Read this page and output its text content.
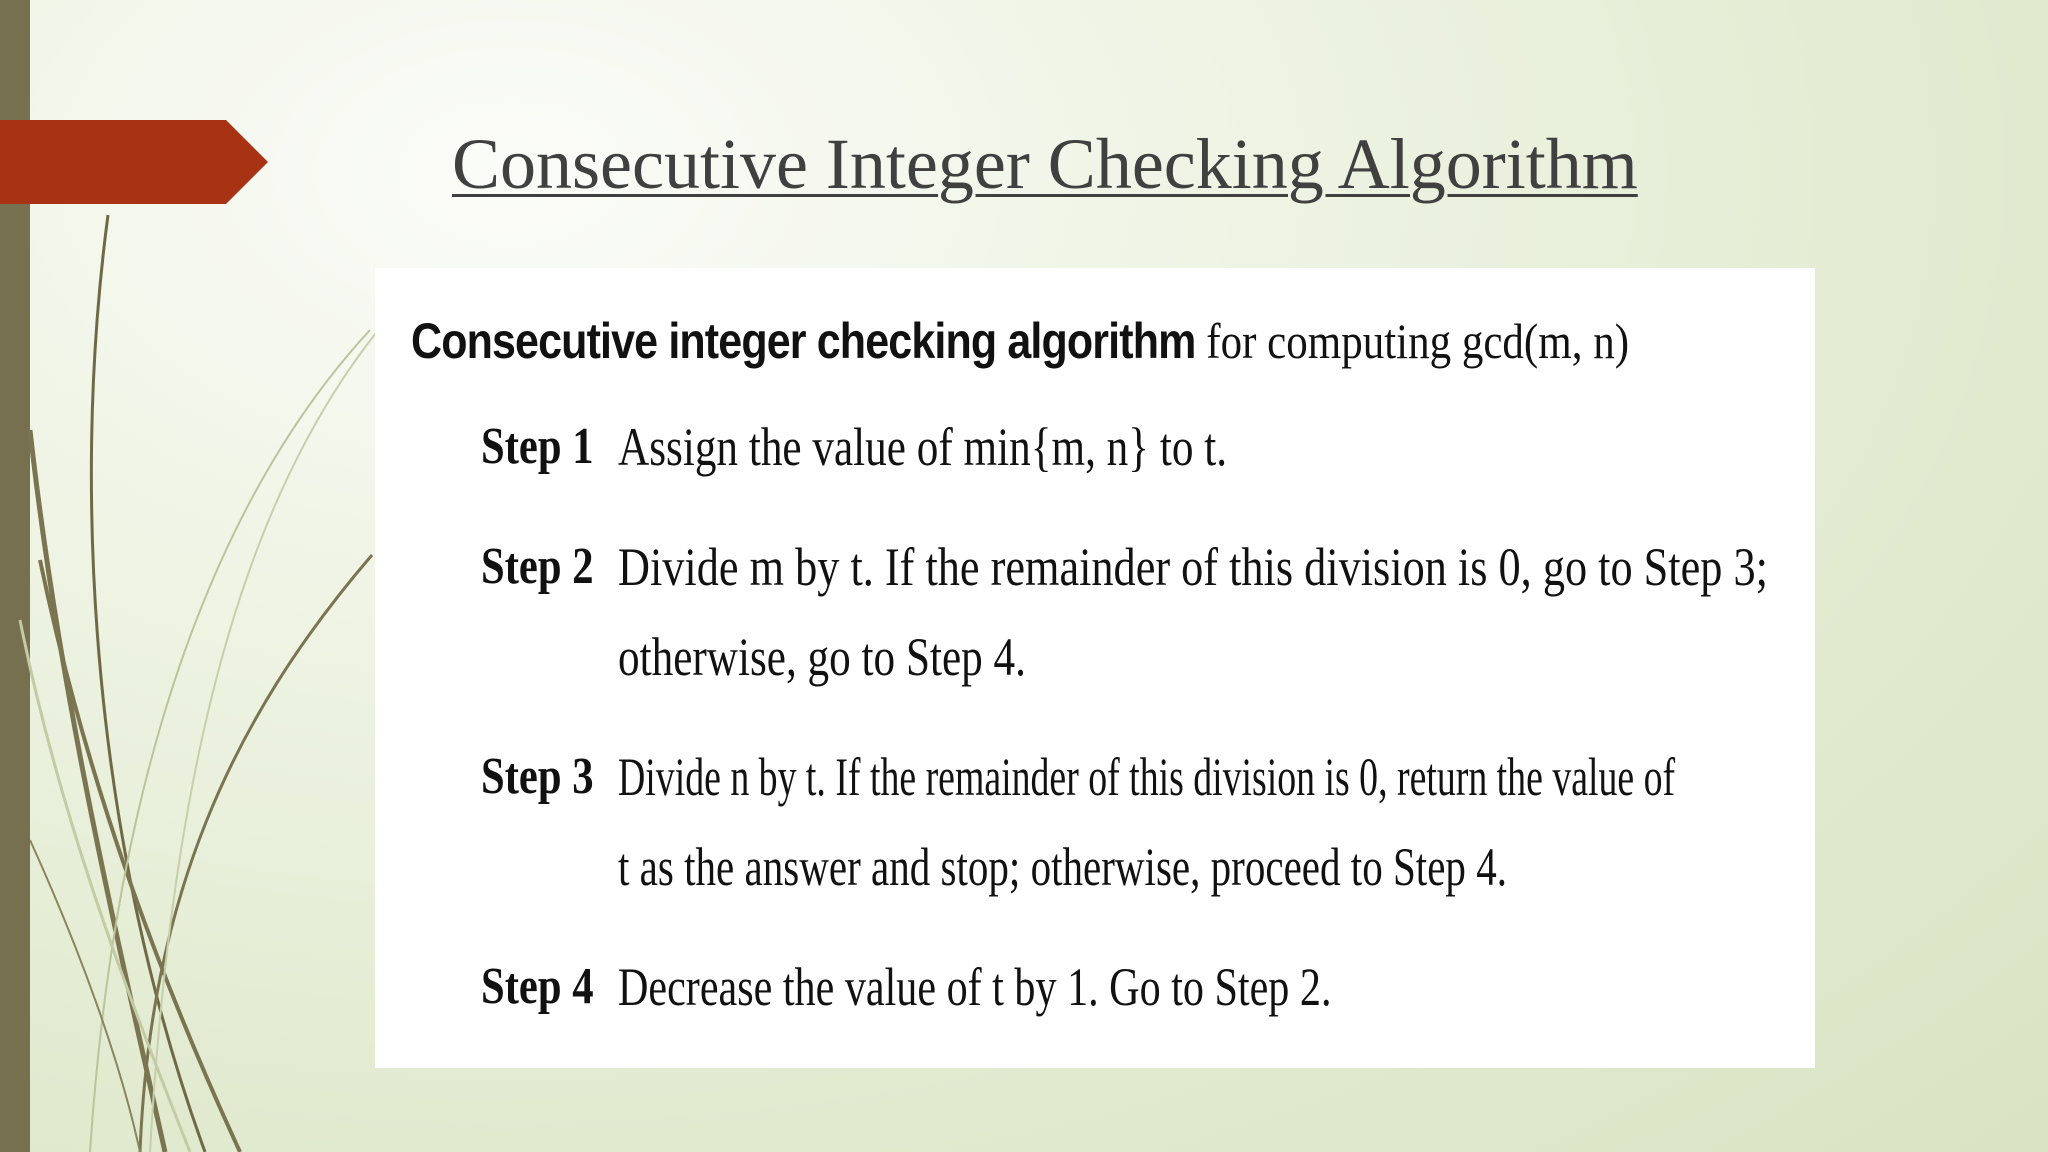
Consecutive Integer Checking Algorithm
Consecutive integer checking algorithm for computing gcd(m, n)
Step 1 Assign the value of min{m, n} to t.
Step 2 Divide m by t. If the remainder of this division is 0, go to Step 3;
otherwise, go to Step 4.
Step 3 Divide n by t. If the remainder of this division is 0, return the value of
t as the answer and stop; otherwise, proceed to Step 4.
Step 4 Decrease the value of t by 1. Go to Step 2.
